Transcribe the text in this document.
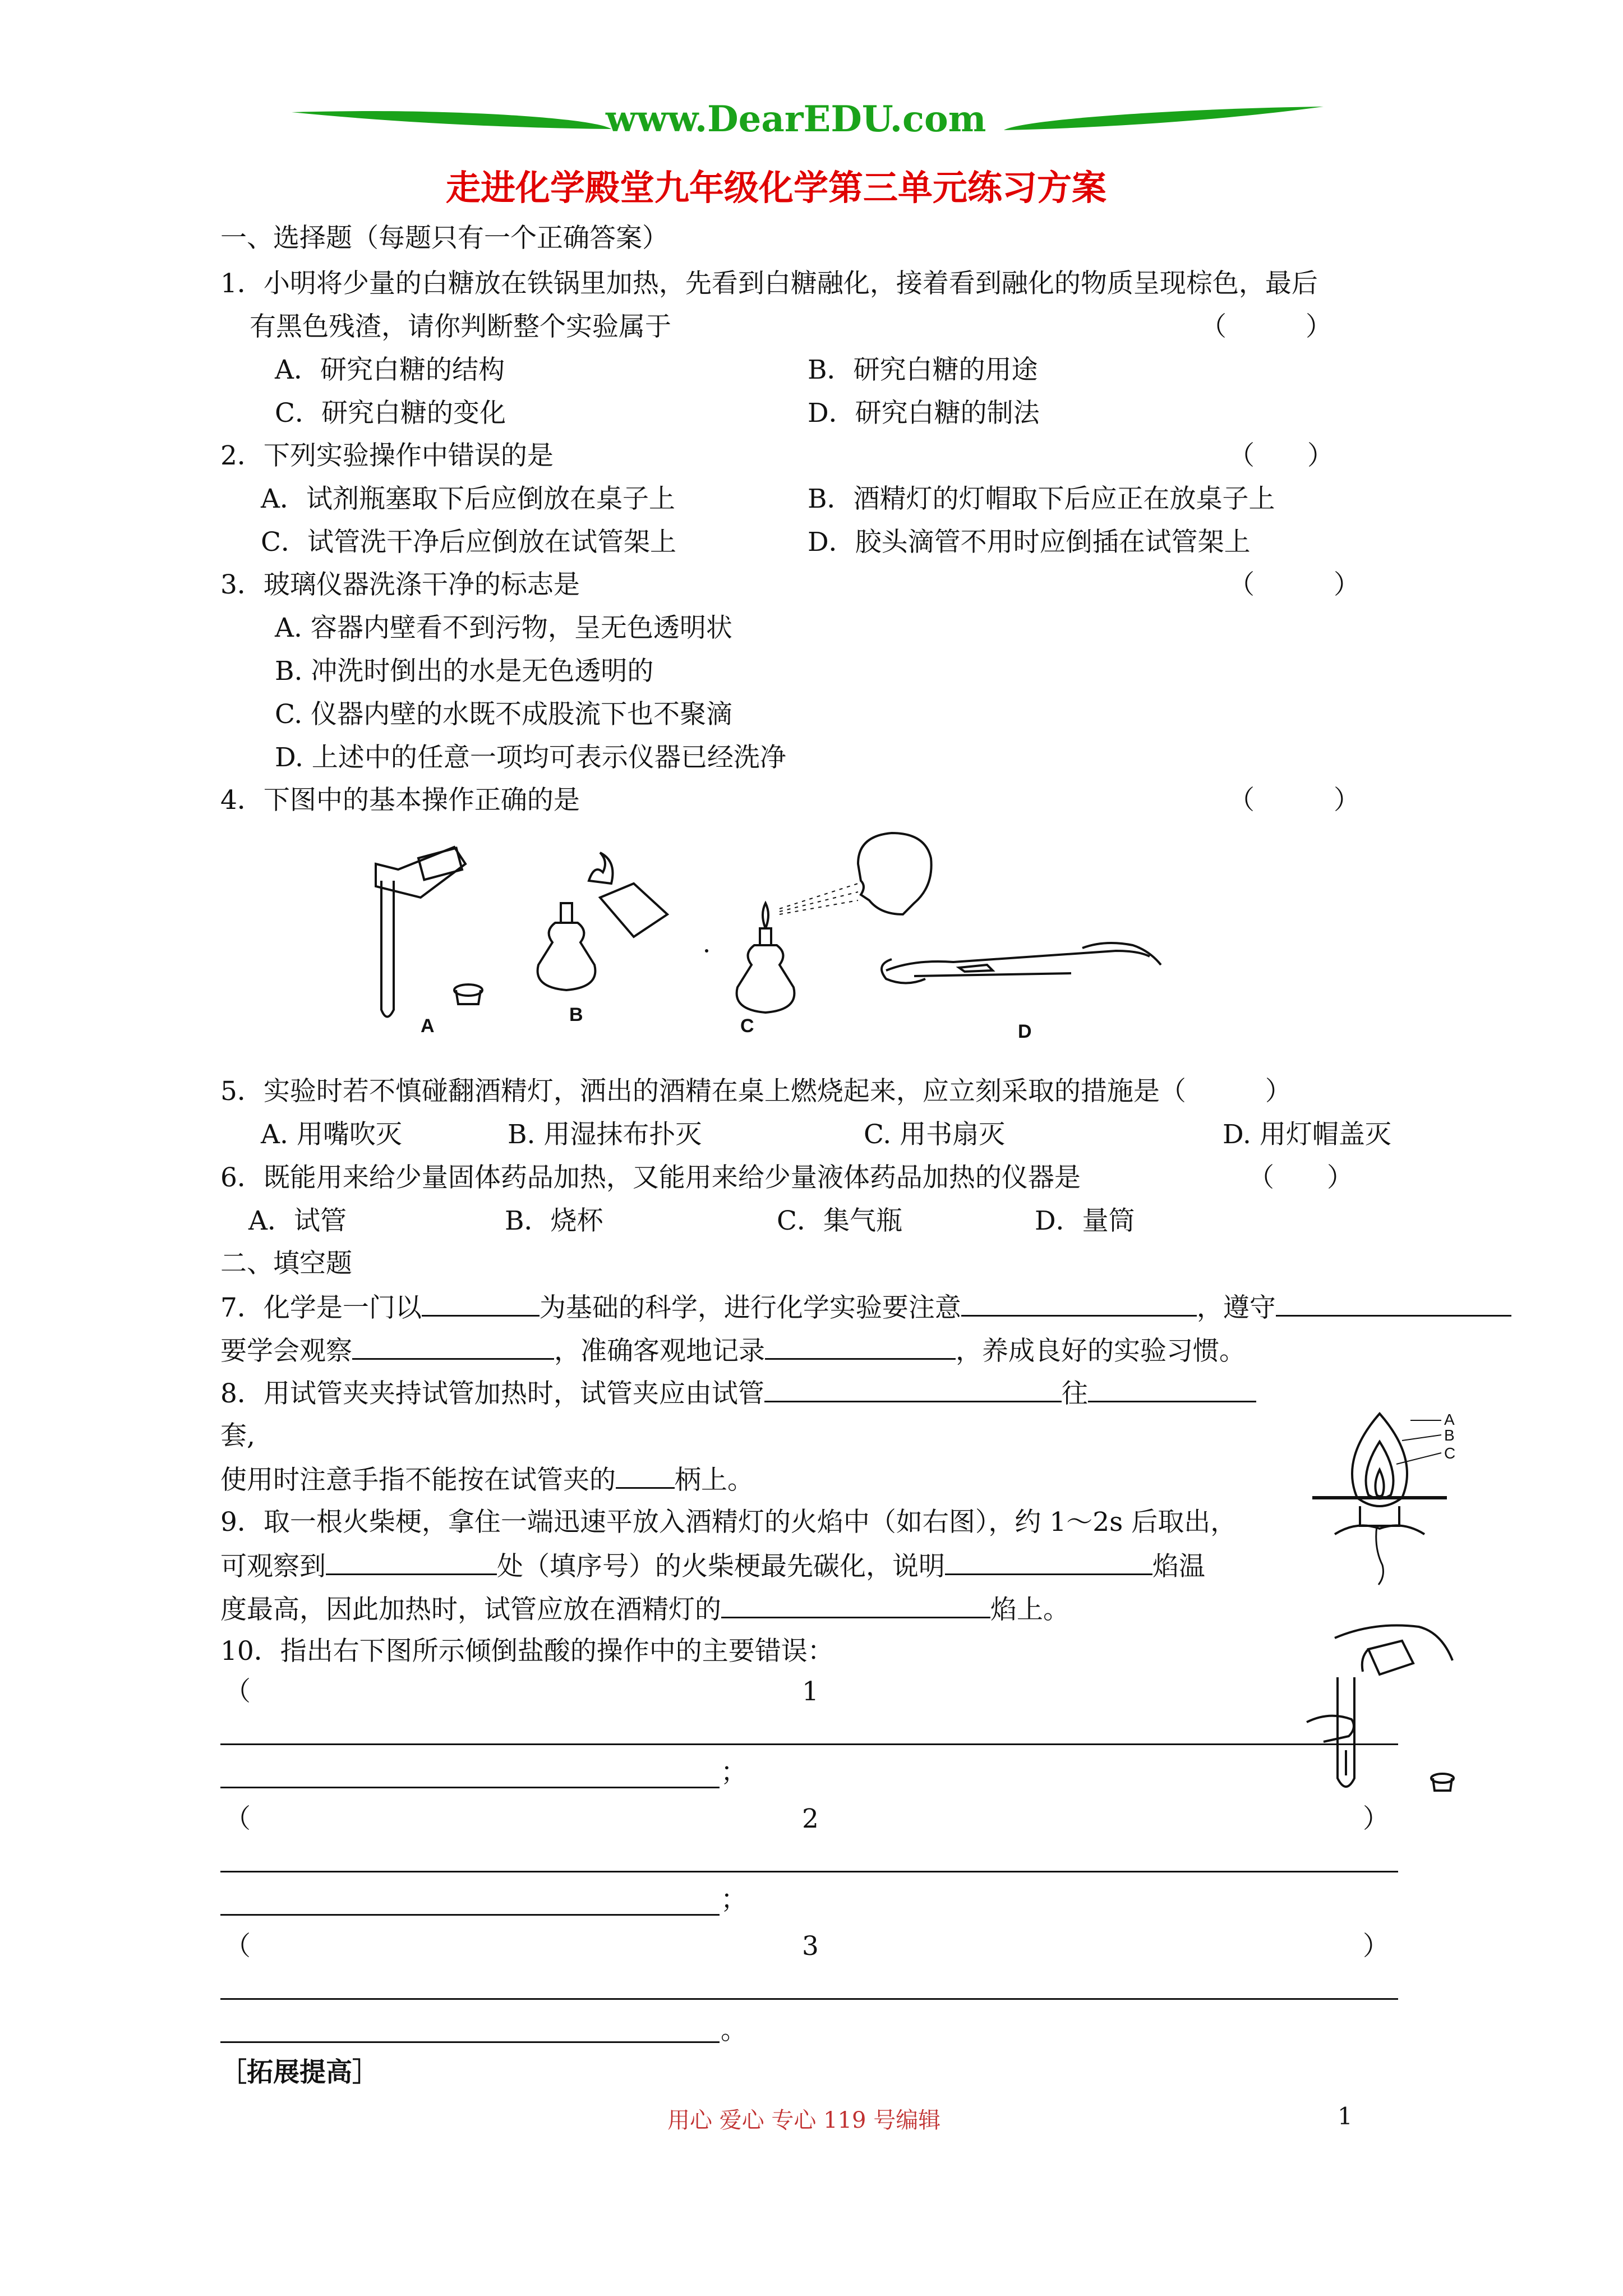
www.DearEDU.com
走进化学殿堂九年级化学第三单元练习方案
一、选择题（每题只有一个正确答案）
1．小明将少量的白糖放在铁锅里加热，先看到白糖融化，接着看到融化的物质呈现棕色，最后
有黑色残渣，请你判断整个实验属于	（　　　）
A．研究白糖的结构	B．研究白糖的用途
C．研究白糖的变化	D．研究白糖的制法
2．下列实验操作中错误的是	（　　）
A．试剂瓶塞取下后应倒放在桌子上	B．酒精灯的灯帽取下后应正在放桌子上
C．试管洗干净后应倒放在试管架上	D．胶头滴管不用时应倒插在试管架上
3．玻璃仪器洗涤干净的标志是	（　　　）
A. 容器内壁看不到污物，呈无色透明状
B. 冲洗时倒出的水是无色透明的
C. 仪器内壁的水既不成股流下也不聚滴
D. 上述中的任意一项均可表示仪器已经洗净
4．下图中的基本操作正确的是	（　　　）
A
B
C	D
5．实验时若不慎碰翻酒精灯，洒出的酒精在桌上燃烧起来，应立刻采取的措施是（　　　）
A. 用嘴吹灭	B. 用湿抹布扑灭	C. 用书扇灭	D. 用灯帽盖灭
6．既能用来给少量固体药品加热，又能用来给少量液体药品加热的仪器是	（　　）
A．试管	B．烧杯	C．集气瓶	D．量筒
二、填空题
7．化学是一门以	为基础的科学，进行化学实验要注意	，遵守
要学会观察	，准确客观地记录	，养成良好的实验习惯。
8．用试管夹夹持试管加热时，试管夹应由试管	往
套,
使用时注意手指不能按在试管夹的 柄上。
A
B
C
9．取一根火柴梗，拿住一端迅速平放入酒精灯的火焰中（如右图），约 1～2s 后取出，
可观察到	处（填序号）的火柴梗最先碳化，说明	焰温
度最高，因此加热时，试管应放在酒精灯的	焰上。
10．指出右下图所示倾倒盐酸的操作中的主要错误：
（	1
；
（	2	）
；
（	3	）
。
［拓展提高］
用心 爱心 专心 119 号编辑	1
